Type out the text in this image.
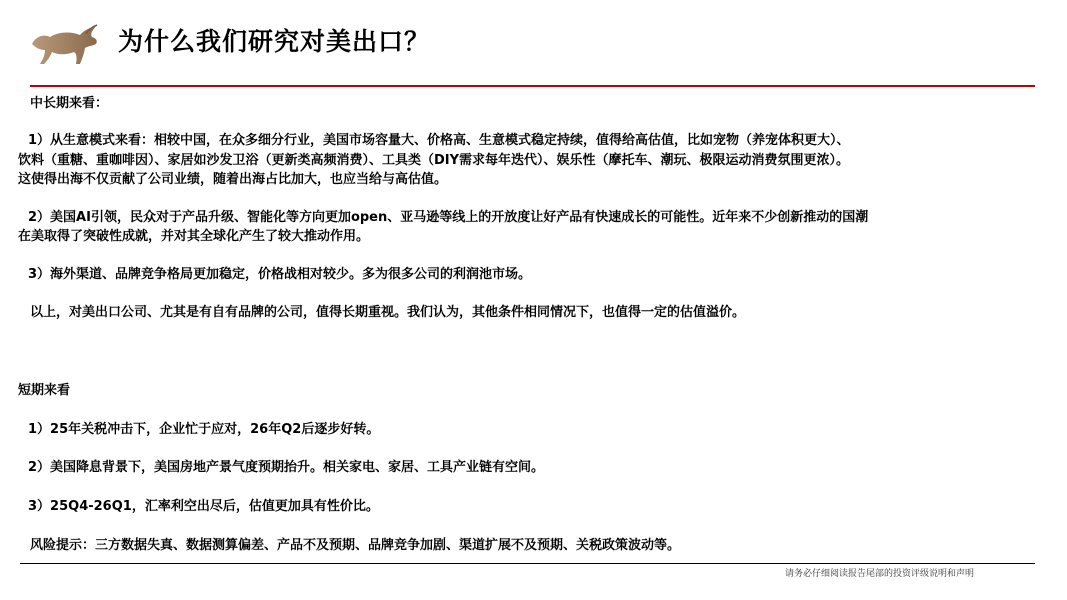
为什么我们研究对美出口？
中长期来看：
1）从生意模式来看：相较中国，在众多细分行业，美国市场容量大、价格高、生意模式稳定持续，值得给高估值，比如宠物（养宠体积更大）、
饮料（重糖、重咖啡因）、家居如沙发卫浴（更新类高频消费）、工具类（DIY需求每年迭代）、娱乐性（摩托车、潮玩、极限运动消费氛围更浓）。
这使得出海不仅贡献了公司业绩，随着出海占比加大，也应当给与高估值。
2）美国AI引领，民众对于产品升级、智能化等方向更加open、亚马逊等线上的开放度让好产品有快速成长的可能性。近年来不少创新推动的国潮
在美取得了突破性成就，并对其全球化产生了较大推动作用。
3）海外渠道、品牌竞争格局更加稳定，价格战相对较少。多为很多公司的利润池市场。
以上，对美出口公司、尤其是有自有品牌的公司，值得长期重视。我们认为，其他条件相同情况下，也值得一定的估值溢价。
短期来看
1）25年关税冲击下，企业忙于应对，26年Q2后逐步好转。
2）美国降息背景下，美国房地产景气度预期抬升。相关家电、家居、工具产业链有空间。
3）25Q4-26Q1，汇率利空出尽后，估值更加具有性价比。
风险提示：三方数据失真、数据测算偏差、产品不及预期、品牌竞争加剧、渠道扩展不及预期、关税政策波动等。
请务必仔细阅读报告尾部的投资评级说明和声明
